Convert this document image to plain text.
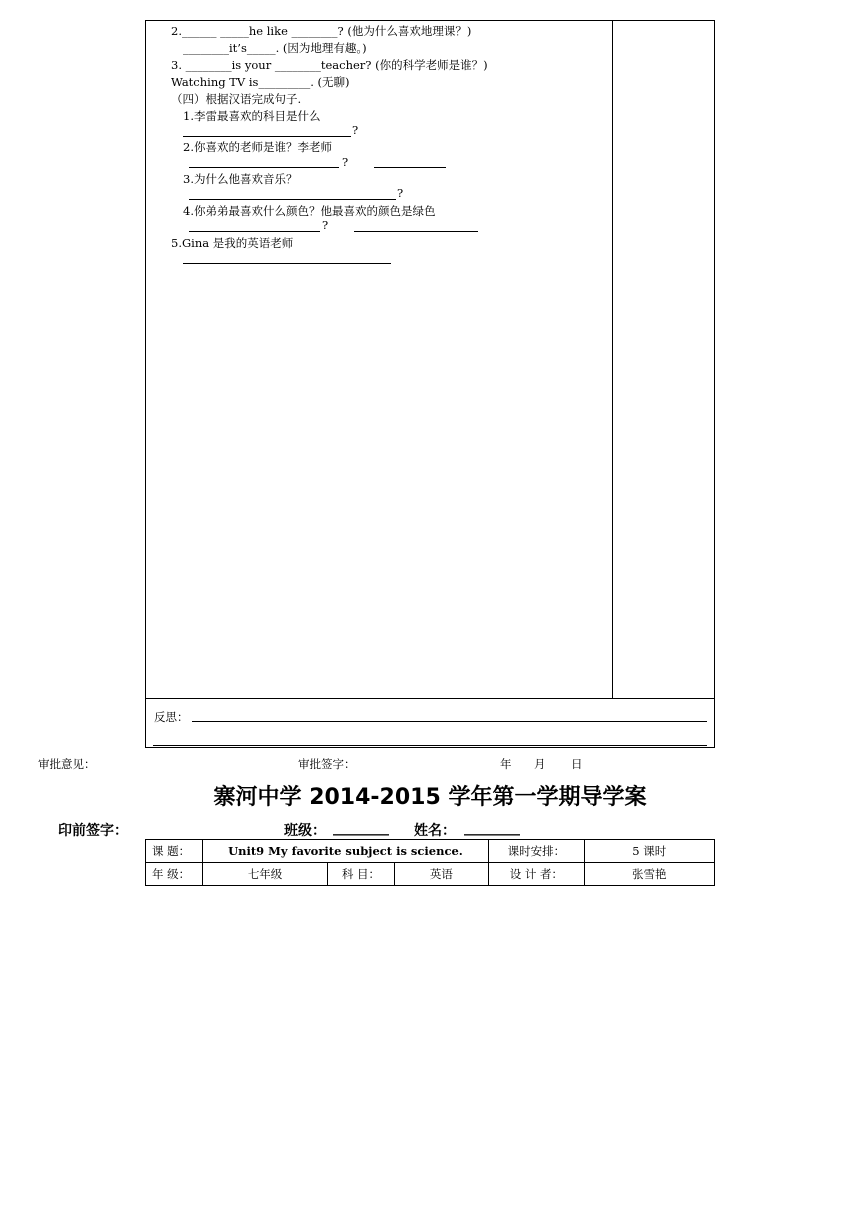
2.______ _____he like ________? (他为什么喜欢地理课？)
________it’s_____. (因为地理有趣。)
3. ________is your ________teacher? (你的科学老师是谁？)
Watching TV is_________. (无聊)
（四）根据汉语完成句子.
1.李雷最喜欢的科目是什么
?
2.你喜欢的老师是谁？李老师
?
3.为什么他喜欢音乐？
?
4.你弟弟最喜欢什么颜色？他最喜欢的颜色是绿色
?
5.Gina 是我的英语老师
反思：
审批意见：	审批签字：	年 月 日
寨河中学 2014-2015 学年第一学期导学案
印前签字：	班级： ________ 姓名： ________
课 题：	Unit9 My favorite subject is science.			课时安排：	5 课时
年 级：	七年级	科 目：	英语	设 计 者：	张雪艳
